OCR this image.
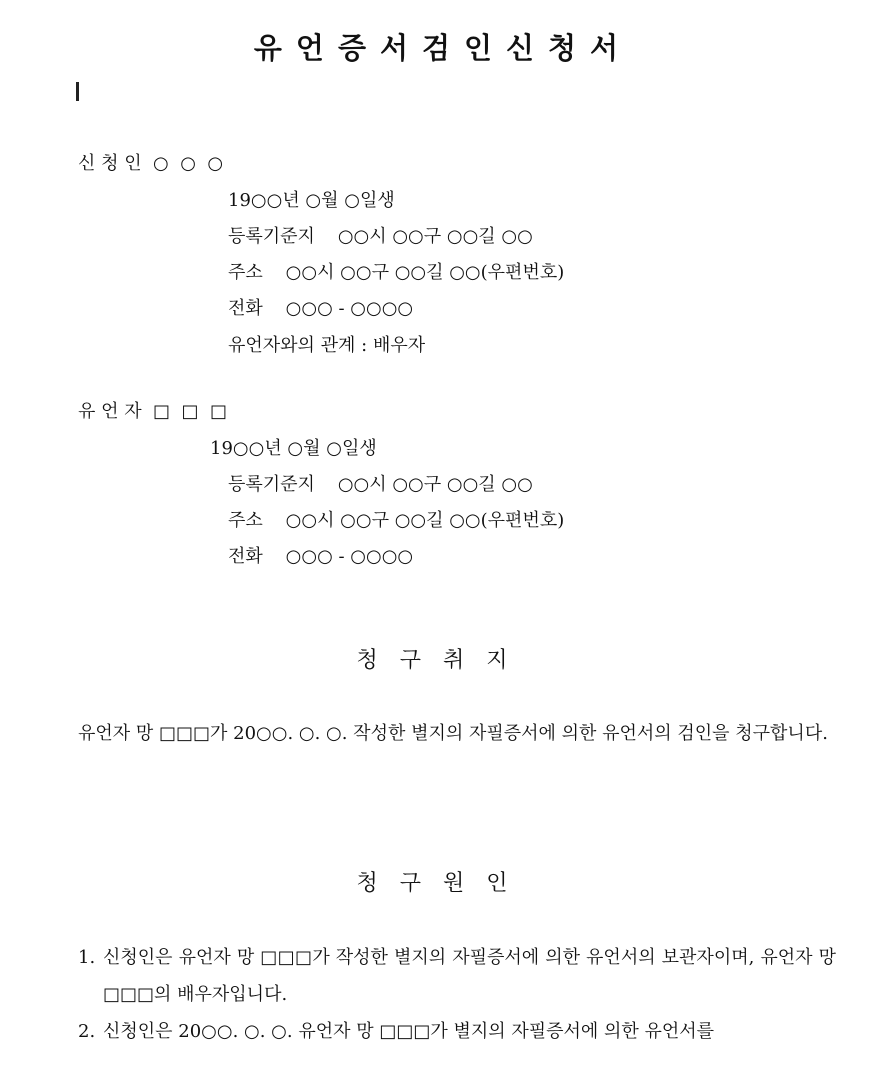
유언증서검인신청서
신 청 인  ○  ○  ○
19○○년 ○월 ○일생
등록기준지    ○○시 ○○구 ○○길 ○○
주소    ○○시 ○○구 ○○길 ○○(우편번호)
전화    ○○○ - ○○○○
유언자와의 관계 : 배우자
유 언 자  □  □  □
19○○년 ○월 ○일생
등록기준지    ○○시 ○○구 ○○길 ○○
주소    ○○시 ○○구 ○○길 ○○(우편번호)
전화    ○○○ - ○○○○
청구취지
유언자 망 □□□가 20○○. ○. ○. 작성한 별지의 자필증서에 의한 유언서의 검인을 청구합니다.
청구원인
1. 신청인은 유언자 망 □□□가 작성한 별지의 자필증서에 의한 유언서의 보관자이며, 유언자 망 □□□의 배우자입니다.
2. 신청인은 20○○. ○. ○. 유언자 망 □□□가 별지의 자필증서에 의한 유언서를
